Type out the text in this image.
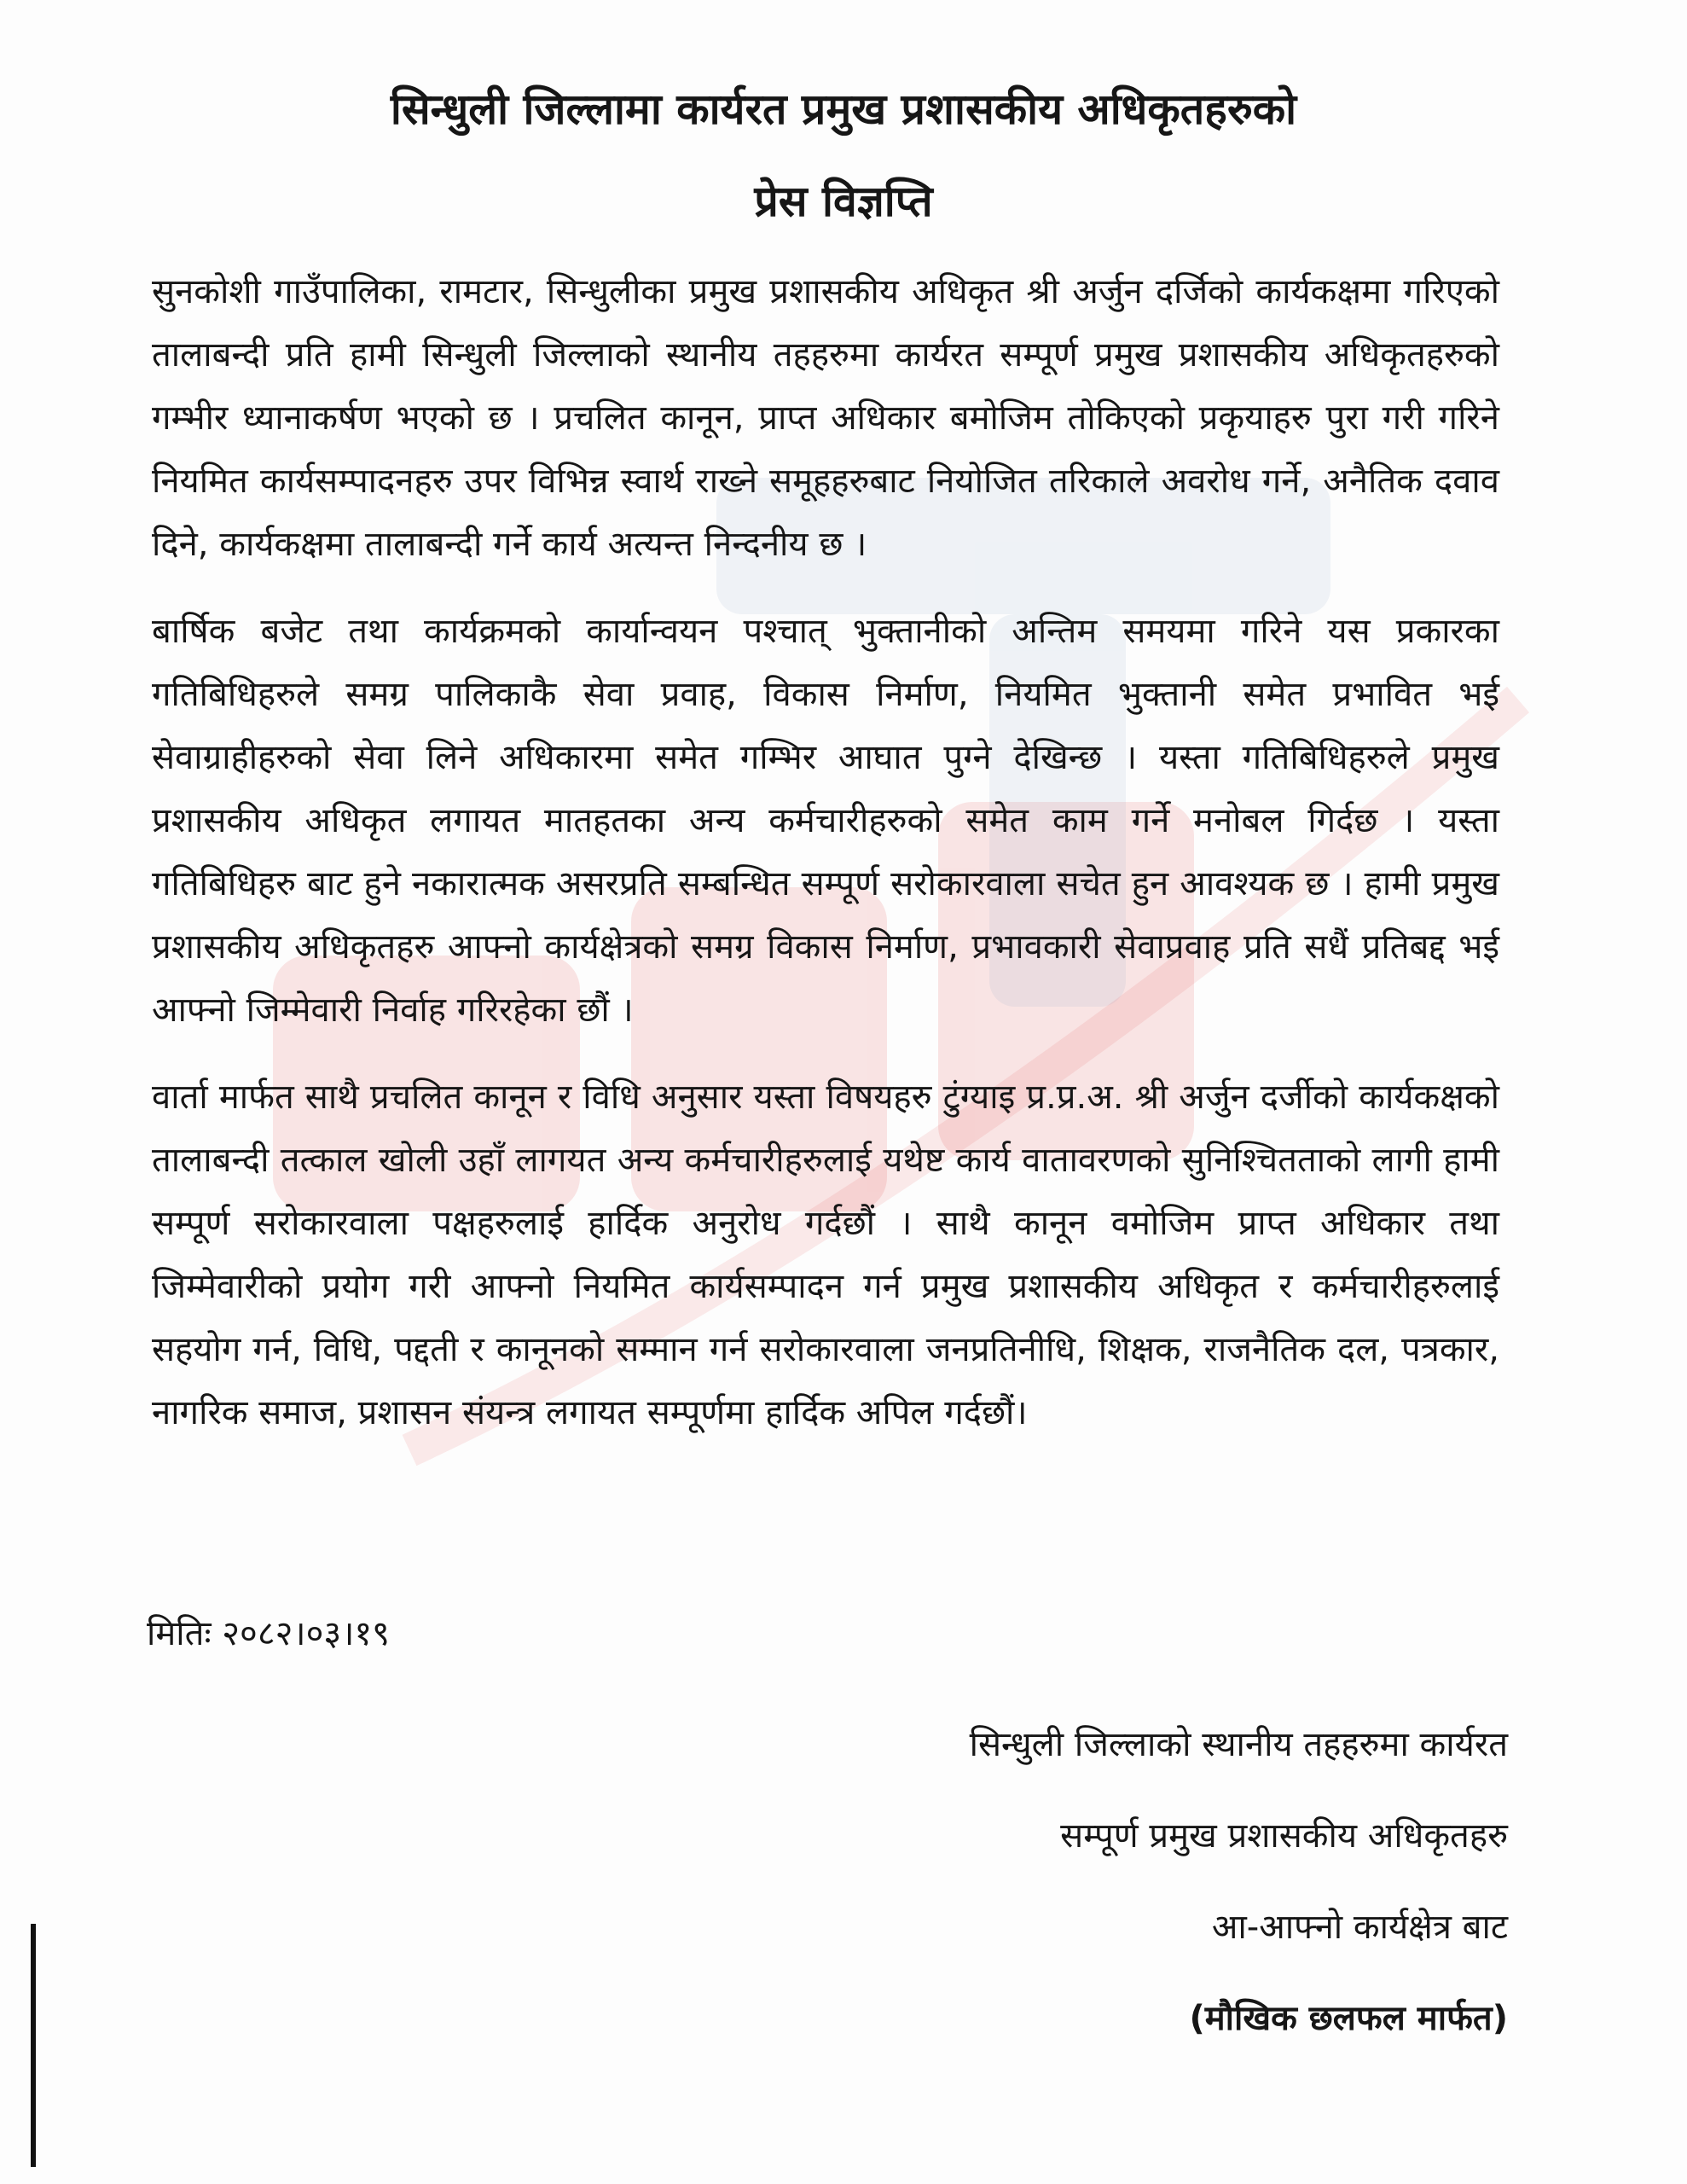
सिन्धुली जिल्लामा कार्यरत प्रमुख प्रशासकीय अधिकृतहरुको
प्रेस विज्ञप्ति

सुनकोशी गाउँपालिका, रामटार, सिन्धुलीका प्रमुख प्रशासकीय अधिकृत श्री अर्जुन दर्जिको कार्यकक्षमा गरिएको तालाबन्दी प्रति हामी सिन्धुली जिल्लाको स्थानीय तहहरुमा कार्यरत सम्पूर्ण प्रमुख प्रशासकीय अधिकृतहरुको गम्भीर ध्यानाकर्षण भएको छ । प्रचलित कानून, प्राप्त अधिकार बमोजिम तोकिएको प्रकृयाहरु पुरा गरी गरिने नियमित कार्यसम्पादनहरु उपर विभिन्न स्वार्थ राख्ने समूहहरुबाट नियोजित तरिकाले अवरोध गर्ने, अनैतिक दवाव दिने, कार्यकक्षमा तालाबन्दी गर्ने कार्य अत्यन्त निन्दनीय छ ।

बार्षिक बजेट तथा कार्यक्रमको कार्यान्वयन पश्चात् भुक्तानीको अन्तिम समयमा गरिने यस प्रकारका गतिबिधिहरुले समग्र पालिकाकै सेवा प्रवाह, विकास निर्माण, नियमित भुक्तानी समेत प्रभावित भई सेवाग्राहीहरुको सेवा लिने अधिकारमा समेत गम्भिर आघात पुग्ने देखिन्छ । यस्ता गतिबिधिहरुले प्रमुख प्रशासकीय अधिकृत लगायत मातहतका अन्य कर्मचारीहरुको समेत काम गर्ने मनोबल गिर्दछ । यस्ता गतिबिधिहरु बाट हुने नकारात्मक असरप्रति सम्बन्धित सम्पूर्ण सरोकारवाला सचेत हुन आवश्यक छ । हामी प्रमुख प्रशासकीय अधिकृतहरु आफ्नो कार्यक्षेत्रको समग्र विकास निर्माण, प्रभावकारी सेवाप्रवाह प्रति सधैं प्रतिबद्द भई आफ्नो जिम्मेवारी निर्वाह गरिरहेका छौं ।

वार्ता मार्फत साथै प्रचलित कानून र विधि अनुसार यस्ता विषयहरु टुंग्याइ प्र.प्र.अ. श्री अर्जुन दर्जीको कार्यकक्षको तालाबन्दी तत्काल खोली उहाँ लागयत अन्य कर्मचारीहरुलाई यथेष्ट कार्य वातावरणको सुनिश्चितताको लागी हामी सम्पूर्ण सरोकारवाला पक्षहरुलाई हार्दिक अनुरोध गर्दछौं । साथै कानून वमोजिम प्राप्त अधिकार तथा जिम्मेवारीको प्रयोग गरी आफ्नो नियमित कार्यसम्पादन गर्न प्रमुख प्रशासकीय अधिकृत र कर्मचारीहरुलाई सहयोग गर्न, विधि, पद्दती र कानूनको सम्मान गर्न सरोकारवाला जनप्रतिनीधि, शिक्षक, राजनैतिक दल, पत्रकार, नागरिक समाज, प्रशासन संयन्त्र लगायत सम्पूर्णमा हार्दिक अपिल गर्दछौं।

मितिः २०८२।०३।१९
सिन्धुली जिल्लाको स्थानीय तहहरुमा कार्यरत
सम्पूर्ण प्रमुख प्रशासकीय अधिकृतहरु
आ-आफ्नो कार्यक्षेत्र बाट
(मौखिक छलफल मार्फत)
